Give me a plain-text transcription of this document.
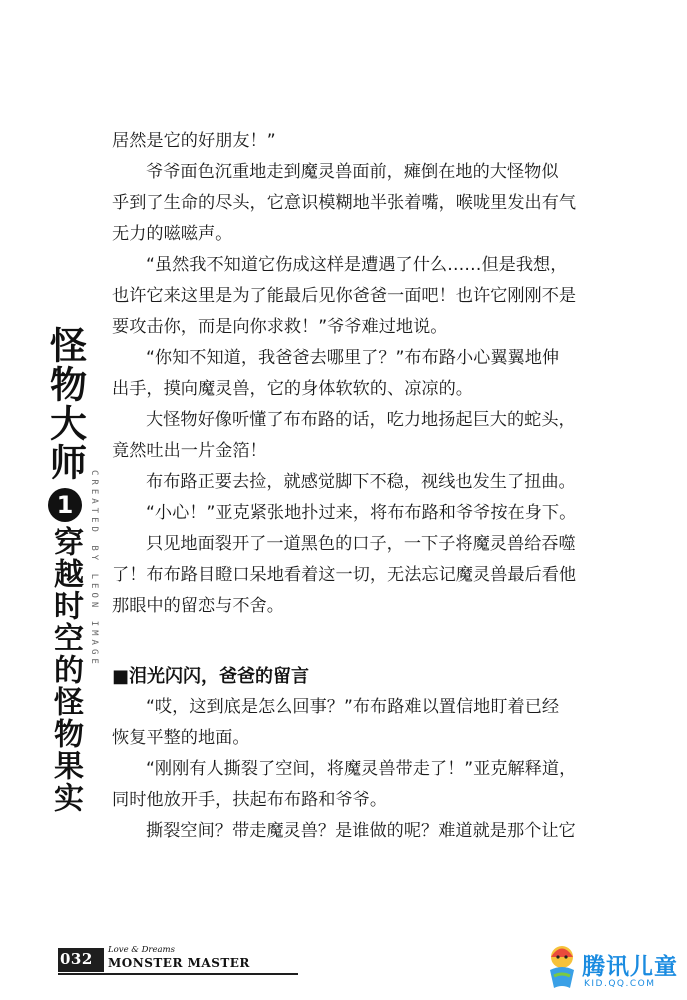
怪物大师
1
穿越时空的怪物果实 CREATED BY LEON IMAGE

居然是它的好朋友！”

爷爷面色沉重地走到魔灵兽面前，瘫倒在地的大怪物似

乎到了生命的尽头，它意识模糊地半张着嘴，喉咙里发出有气

无力的嗞嗞声。

“虽然我不知道它伤成这样是遭遇了什么……但是我想，

也许它来这里是为了能最后见你爸爸一面吧！也许它刚刚不是

要攻击你，而是向你求救！”爷爷难过地说。

“你知不知道，我爸爸去哪里了？”布布路小心翼翼地伸

出手，摸向魔灵兽，它的身体软软的、凉凉的。

大怪物好像听懂了布布路的话，吃力地扬起巨大的蛇头，

竟然吐出一片金箔！

布布路正要去捡，就感觉脚下不稳，视线也发生了扭曲。

“小心！”亚克紧张地扑过来，将布布路和爷爷按在身下。

只见地面裂开了一道黑色的口子，一下子将魔灵兽给吞噬

了！布布路目瞪口呆地看着这一切，无法忘记魔灵兽最后看他

那眼中的留恋与不舍。

■泪光闪闪，爸爸的留言

“哎，这到底是怎么回事？”布布路难以置信地盯着已经

恢复平整的地面。

“刚刚有人撕裂了空间，将魔灵兽带走了！”亚克解释道，

同时他放开手，扶起布布路和爷爷。

撕裂空间？带走魔灵兽？是谁做的呢？难道就是那个让它

032 Love & Dreams
MONSTER MASTER	腾讯儿童
KID.QQ.COM
